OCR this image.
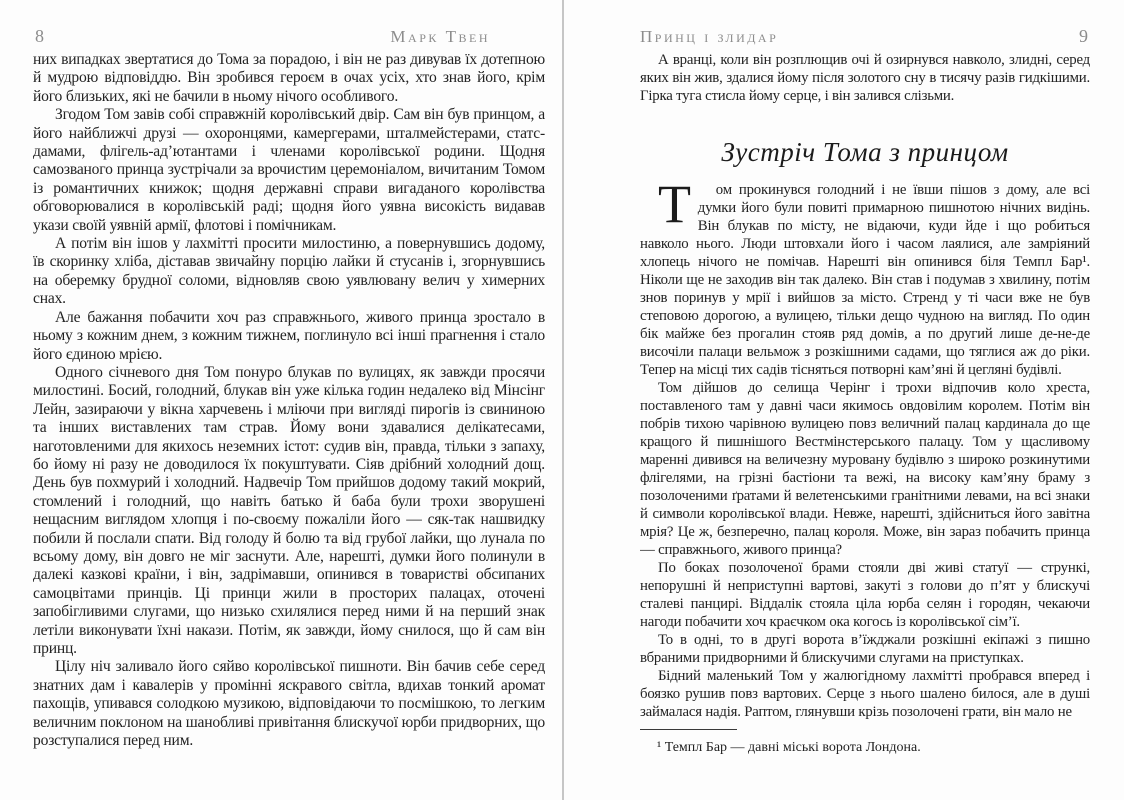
8	Марк Твен

них випадках звертатися до Тома за порадою, і він не раз дивував їх дотепною й мудрою відповіддю. Він зробився героєм в очах усіх, хто знав його, крім його близьких, які не бачили в ньому нічого особливого.

Згодом Том завів собі справжній королівський двір. Сам він був принцом, а його найближчі друзі — охоронцями, камергерами, шталмейстерами, статс-дамами, флігель-ад’ютантами і членами королівської родини. Щодня самозваного принца зустрічали за врочистим церемоніалом, вичитаним Томом із романтичних книжок; щодня державні справи вигаданого королівства обговорювалися в королівській раді; щодня його уявна високість видавав укази своїй уявній армії, флотові і помічникам.

А потім він ішов у лахмітті просити милостиню, а повернувшись додому, їв скоринку хліба, діставав звичайну порцію лайки й стусанів і, згорнувшись на оберемку брудної соломи, відновляв свою уявлювану велич у химерних снах.

Але бажання побачити хоч раз справжнього, живого принца зростало в ньому з кожним днем, з кожним тижнем, поглинуло всі інші прагнення і стало його єдиною мрією.

Одного січневого дня Том понуро блукав по вулицях, як завжди просячи милостині. Босий, голодний, блукав він уже кілька годин недалеко від Мінсінг Лейн, зазираючи у вікна харчевень і мліючи при вигляді пирогів із свининою та інших виставлених там страв. Йому вони здавалися делікатесами, наготовленими для якихось неземних істот: судив він, правда, тільки з запаху, бо йому ні разу не доводилося їх покуштувати. Сіяв дрібний холодний дощ. День був похмурий і холодний. Надвечір Том прийшов додому такий мокрий, стомлений і голодний, що навіть батько й баба були трохи зворушені нещасним виглядом хлопця і по-своєму пожаліли його — сяк-так нашвидку побили й послали спати. Від голоду й болю та від грубої лайки, що лунала по всьому дому, він довго не міг заснути. Але, нарешті, думки його полинули в далекі казкові країни, і він, задрімавши, опинився в товаристві обсипаних самоцвітами принців. Ці принци жили в просторих палацах, оточені запобігливими слугами, що низько схилялися перед ними й на перший знак летіли виконувати їхні накази. Потім, як завжди, йому снилося, що й сам він принц.

Цілу ніч заливало його сяйво королівської пишноти. Він бачив себе серед знатних дам і кавалерів у промінні яскравого світла, вдихав тонкий аромат пахощів, упивався солодкою музикою, відповідаючи то посмішкою, то легким величним поклоном на шанобливі привітання блискучої юрби придворних, що розступалися перед ним.

Принц і злидар	9

А вранці, коли він розплющив очі й озирнувся навколо, злидні, серед яких він жив, здалися йому після золотого сну в тисячу разів гидкішими. Гірка туга стисла йому серце, і він залився слізьми.

Зустріч Тома з принцом

Т	ом прокинувся голодний і не ївши пішов з дому, але всі думки його були повиті примарною пишнотою нічних видінь. Він блукав по місту, не відаючи, куди йде і що робиться навколо нього. Люди штовхали його і часом лаялися, але замріяний хлопець нічого не помічав. Нарешті він опинився біля Темпл Бар¹. Ніколи ще не заходив він так далеко. Він став і подумав з хвилину, потім знов поринув у мрії і вийшов за місто. Стренд у ті часи вже не був степовою дорогою, а вулицею, тільки дещо чудною на вигляд. По один бік майже без прогалин стояв ряд домів, а по другий лише де-не-де височіли палаци вельмож з розкішними садами, що тяглися аж до ріки. Тепер на місці тих садів тісняться потворні кам’яні й цегляні будівлі.

Том дійшов до селища Черінг і трохи відпочив коло хреста, поставленого там у давні часи якимось овдовілим королем. Потім він побрів тихою чарівною вулицею повз величний палац кардинала до ще кращого й пишнішого Вестмінстерського палацу. Том у щасливому маренні дивився на величезну муровану будівлю з широко розкинутими флігелями, на грізні бастіони та вежі, на високу кам’яну браму з позолоченими ґратами й велетенськими гранітними левами, на всі знаки й символи королівської влади. Невже, нарешті, здійсниться його завітна мрія? Це ж, безперечно, палац короля. Може, він зараз побачить принца — справжнього, живого принца?

По боках позолоченої брами стояли дві живі статуї — стрункі, непорушні й неприступні вартові, закуті з голови до п’ят у блискучі сталеві панцирі. Віддалік стояла ціла юрба селян і городян, чекаючи нагоди побачити хоч краєчком ока когось із королівської сім’ї.

То в одні, то в другі ворота в’їжджали розкішні екіпажі з пишно вбраними придворними й блискучими слугами на приступках.

Бідний маленький Том у жалюгідному лахмітті пробрався вперед і боязко рушив повз вартових. Серце з нього шалено билося, але в душі займалася надія. Раптом, глянувши крізь позолочені грати, він мало не

¹ Темпл Бар — давні міські ворота Лондона.
